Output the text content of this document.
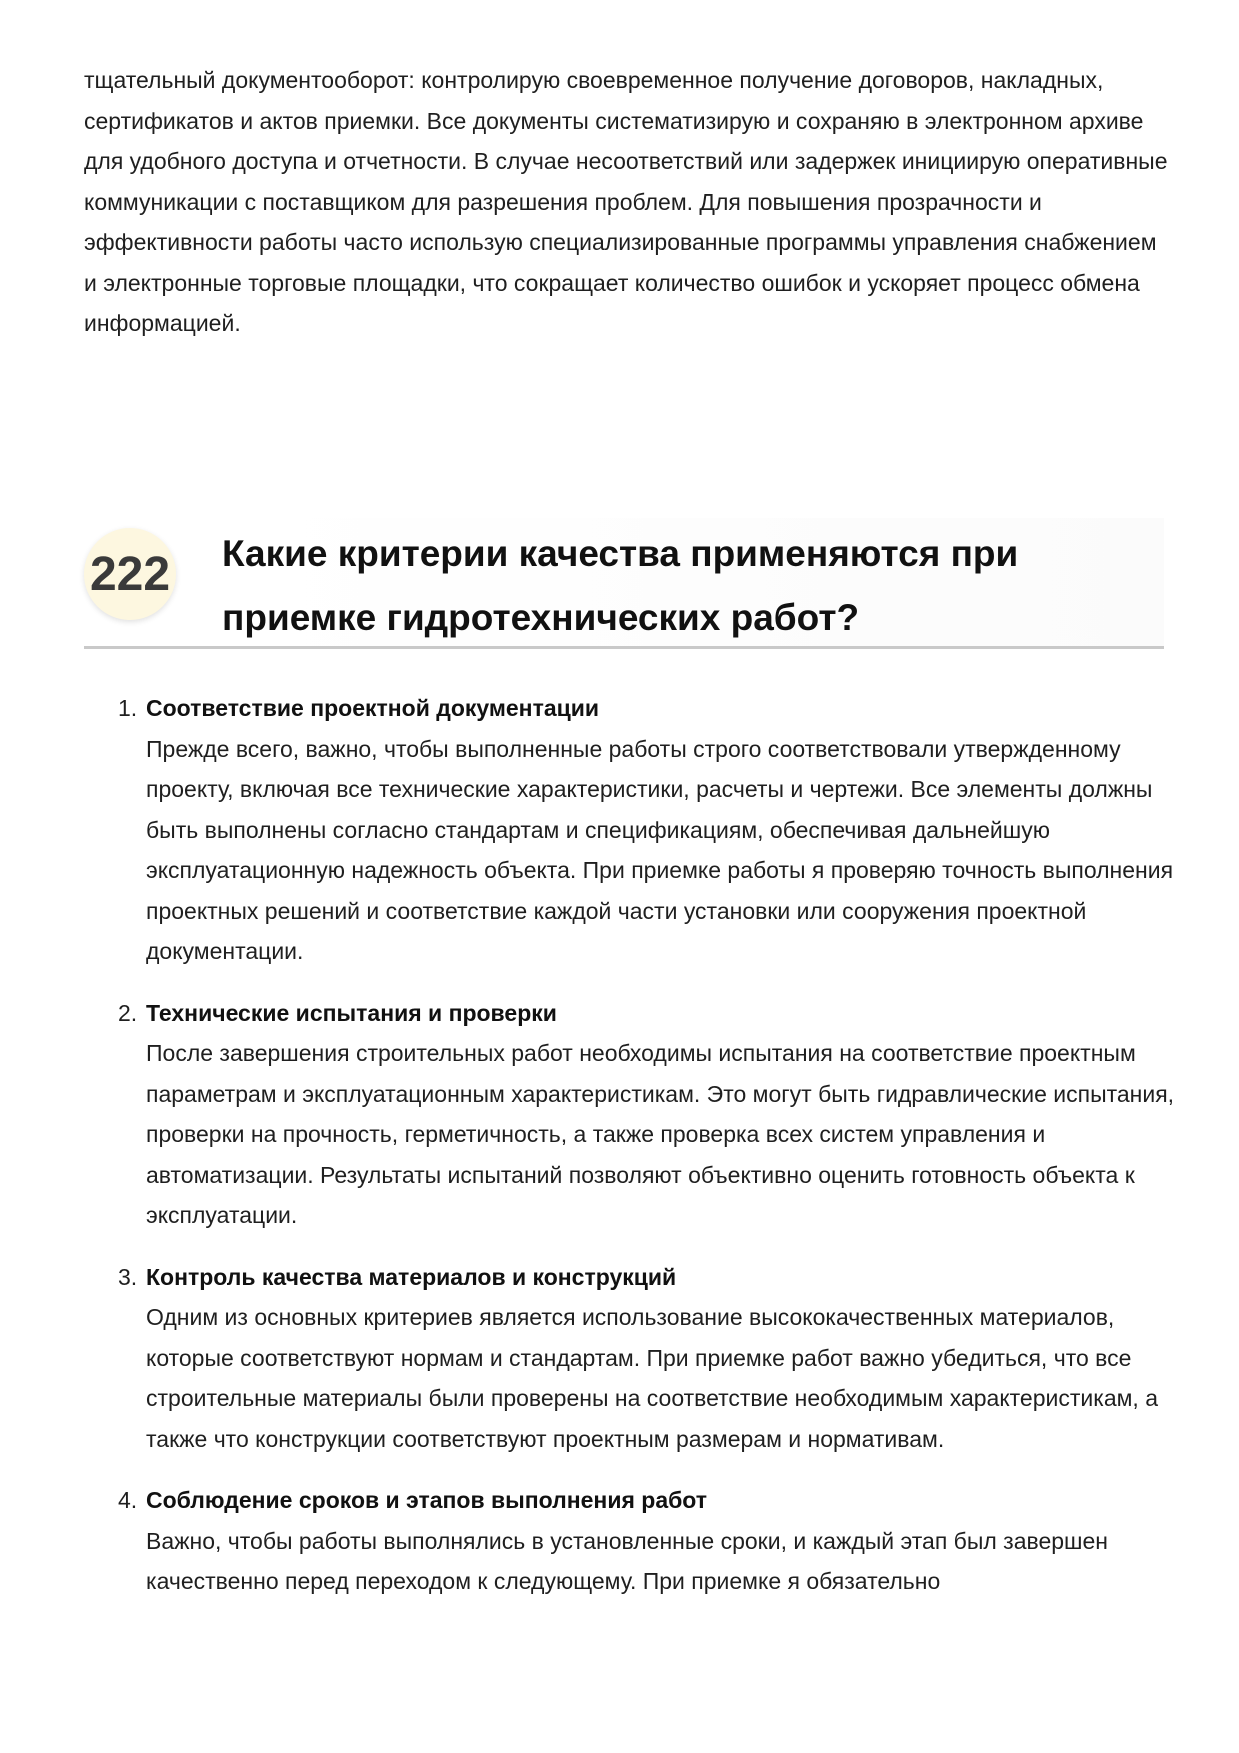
тщательный документооборот: контролирую своевременное получение договоров, накладных, сертификатов и актов приемки. Все документы систематизирую и сохраняю в электронном архиве для удобного доступа и отчетности. В случае несоответствий или задержек инициирую оперативные коммуникации с поставщиком для разрешения проблем. Для повышения прозрачности и эффективности работы часто использую специализированные программы управления снабжением и электронные торговые площадки, что сокращает количество ошибок и ускоряет процесс обмена информацией.

222 Какие критерии качества применяются при приемке гидротехнических работ?
1. Соответствие проектной документации

Прежде всего, важно, чтобы выполненные работы строго соответствовали утвержденному проекту, включая все технические характеристики, расчеты и чертежи. Все элементы должны быть выполнены согласно стандартам и спецификациям, обеспечивая дальнейшую эксплуатационную надежность объекта. При приемке работы я проверяю точность выполнения проектных решений и соответствие каждой части установки или сооружения проектной документации.

2. Технические испытания и проверки

После завершения строительных работ необходимы испытания на соответствие проектным параметрам и эксплуатационным характеристикам. Это могут быть гидравлические испытания, проверки на прочность, герметичность, а также проверка всех систем управления и автоматизации. Результаты испытаний позволяют объективно оценить готовность объекта к эксплуатации.

3. Контроль качества материалов и конструкций

Одним из основных критериев является использование высококачественных материалов, которые соответствуют нормам и стандартам. При приемке работ важно убедиться, что все строительные материалы были проверены на соответствие необходимым характеристикам, а также что конструкции соответствуют проектным размерам и нормативам.

4. Соблюдение сроков и этапов выполнения работ

Важно, чтобы работы выполнялись в установленные сроки, и каждый этап был завершен качественно перед переходом к следующему. При приемке я обязательно
